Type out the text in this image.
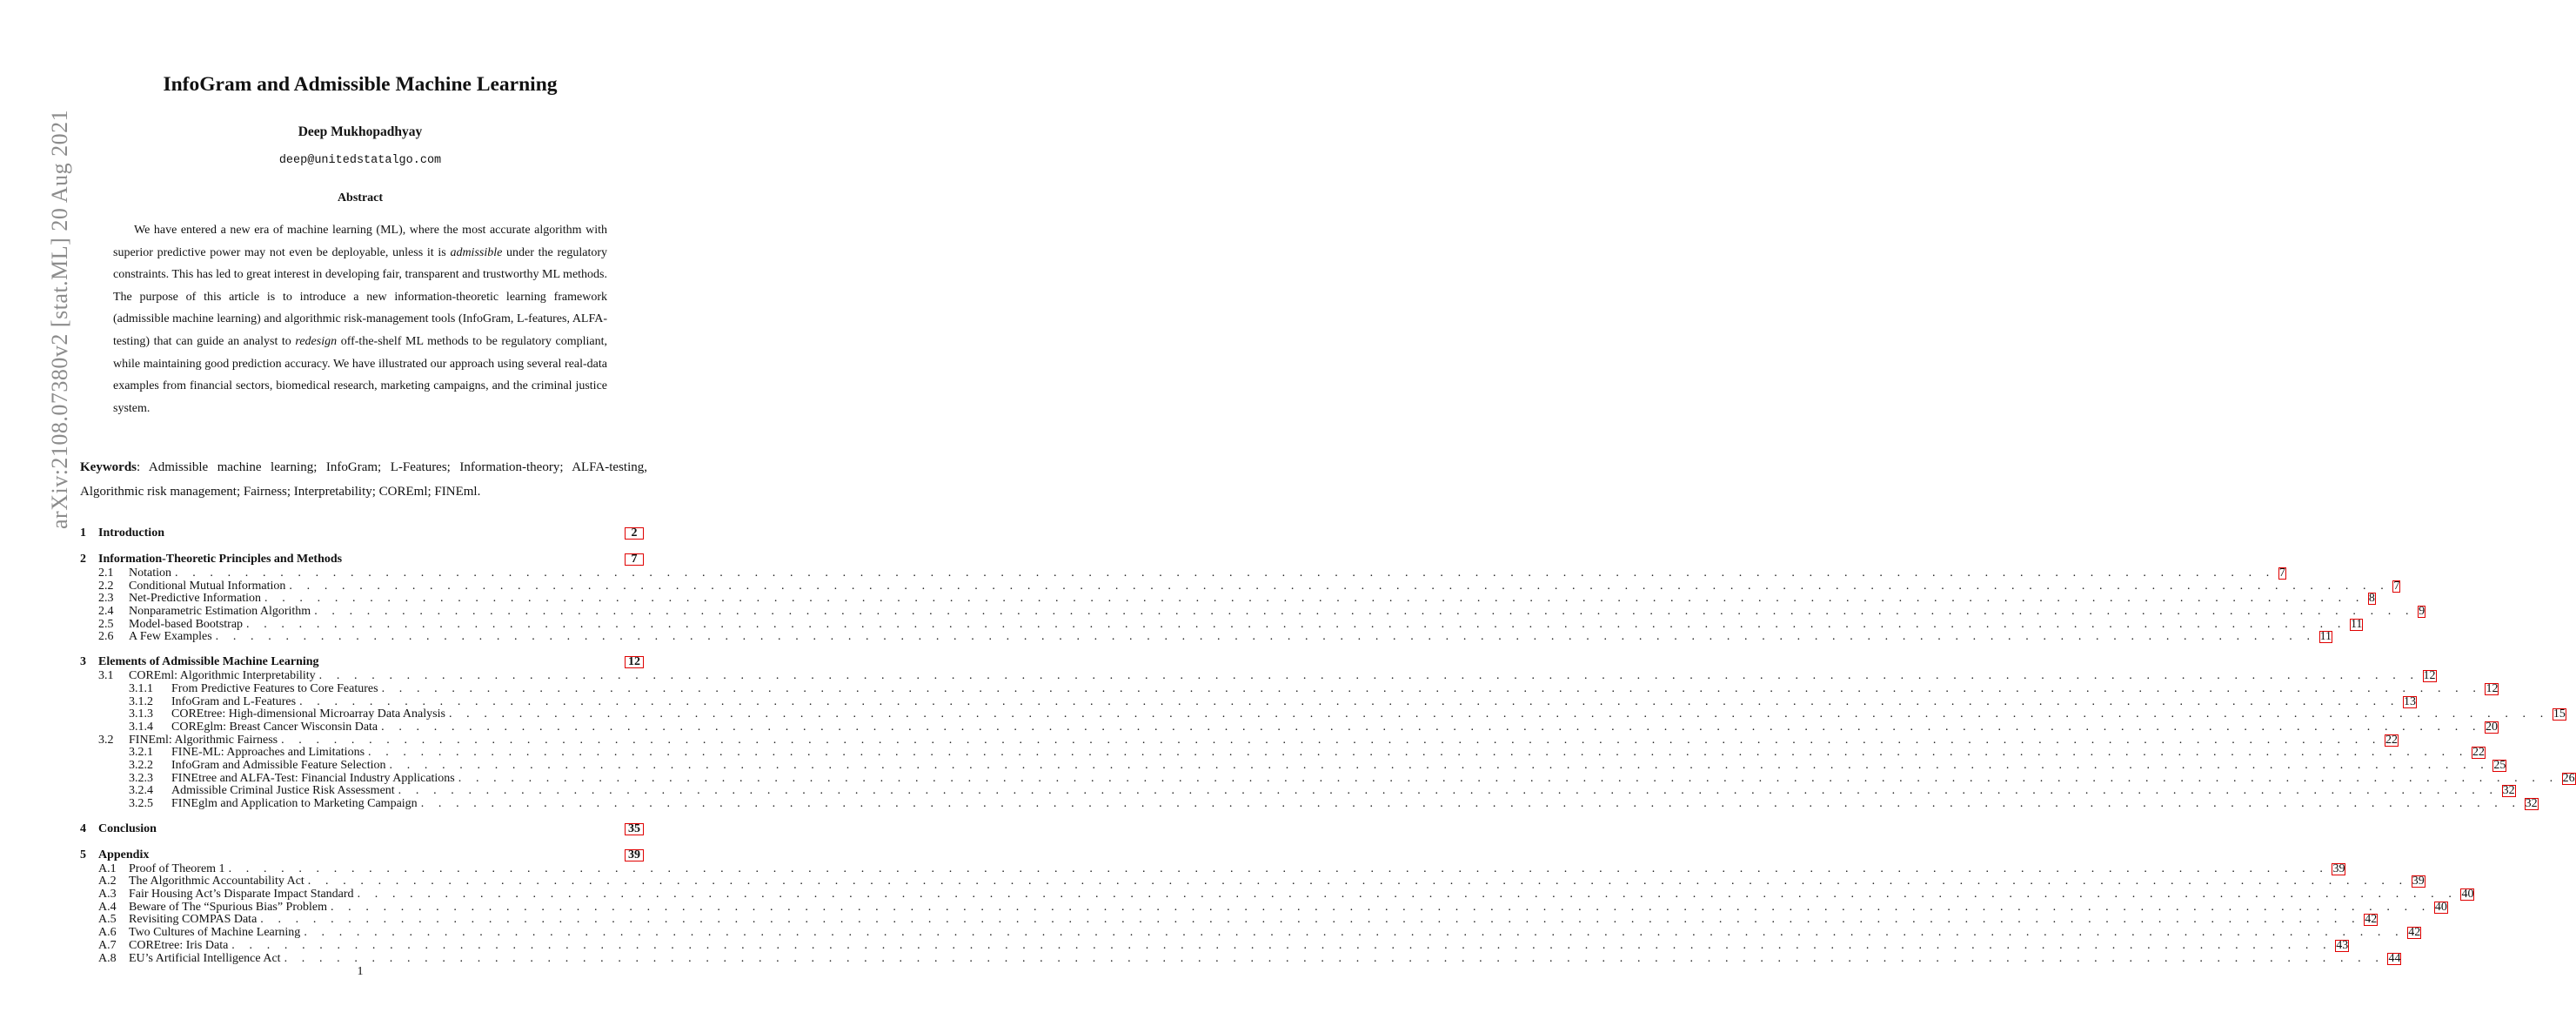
arXiv:2108.07380v2 [stat.ML] 20 Aug 2021
InfoGram and Admissible Machine Learning
Deep Mukhopadhyay
deep@unitedstatalgo.com
Abstract
We have entered a new era of machine learning (ML), where the most accurate algorithm with superior predictive power may not even be deployable, unless it is admissible under the regulatory constraints. This has led to great interest in developing fair, transparent and trustworthy ML methods. The purpose of this article is to introduce a new information-theoretic learning framework (admissible machine learning) and algorithmic risk-management tools (InfoGram, L-features, ALFA-testing) that can guide an analyst to redesign off-the-shelf ML methods to be regulatory compliant, while maintaining good prediction accuracy. We have illustrated our approach using several real-data examples from financial sectors, biomedical research, marketing campaigns, and the criminal justice system.
Keywords: Admissible machine learning; InfoGram; L-Features; Information-theory; ALFA-testing, Algorithmic risk management; Fairness; Interpretability; COREml; FINEml.
1	Introduction	2
2	Information-Theoretic Principles and Methods	7
2.1	Notation . . . . . . . . . . . . . . . . . . . . . . . . . . . . . . . . . . . . . . . . . . . . . . . . . . . . . . . . . . . . . . . . . . . . . . . . . . . . . . . . . . . . . . . . . . . . . . . . . . . . . . . . . . . . . . . . . . . . . . . . 7
2.2	Conditional Mutual Information . . . . . . . . . . . . . . . . . . . . . . . . . . . . . . . . . . . . . . . . . . . . . . . . . . . . . . . . . . . . . . . . . . . . . . . . . . . . . . . . . . . . . . . . . . . . . . . . . . . . . . . . . . . . . . . . . . . . . . . . 7
2.3	Net-Predictive Information . . . . . . . . . . . . . . . . . . . . . . . . . . . . . . . . . . . . . . . . . . . . . . . . . . . . . . . . . . . . . . . . . . . . . . . . . . . . . . . . . . . . . . . . . . . . . . . . . . . . . . . . . . . . . . . . . . . . . . . . 8
2.4	Nonparametric Estimation Algorithm . . . . . . . . . . . . . . . . . . . . . . . . . . . . . . . . . . . . . . . . . . . . . . . . . . . . . . . . . . . . . . . . . . . . . . . . . . . . . . . . . . . . . . . . . . . . . . . . . . . . . . . . . . . . . . . . . . . . . . . . 9
2.5	Model-based Bootstrap . . . . . . . . . . . . . . . . . . . . . . . . . . . . . . . . . . . . . . . . . . . . . . . . . . . . . . . . . . . . . . . . . . . . . . . . . . . . . . . . . . . . . . . . . . . . . . . . . . . . . . . . . . . . . . . . . . . . . . . . 11
2.6	A Few Examples . . . . . . . . . . . . . . . . . . . . . . . . . . . . . . . . . . . . . . . . . . . . . . . . . . . . . . . . . . . . . . . . . . . . . . . . . . . . . . . . . . . . . . . . . . . . . . . . . . . . . . . . . . . . . . . . . . . . . . . . 11
3	Elements of Admissible Machine Learning	12
3.1	COREml: Algorithmic Interpretability . . . . . . . . . . . . . . . . . . . . . . . . . . . . . . . . . . . . . . . . . . . . . . . . . . . . . . . . . . . . . . . . . . . . . . . . . . . . . . . . . . . . . . . . . . . . . . . . . . . . . . . . . . . . . . . . . . . . . . . . 12
3.1.1	From Predictive Features to Core Features . . . . . . . . . . . . . . . . . . . . . . . . . . . . . . . . . . . . . . . . . . . . . . . . . . . . . . . . . . . . . . . . . . . . . . . . . . . . . . . . . . . . . . . . . . . . . . . . . . . . . . . . . . . . . . . . . . . . . . . . 12
3.1.2	InfoGram and L-Features . . . . . . . . . . . . . . . . . . . . . . . . . . . . . . . . . . . . . . . . . . . . . . . . . . . . . . . . . . . . . . . . . . . . . . . . . . . . . . . . . . . . . . . . . . . . . . . . . . . . . . . . . . . . . . . . . . . . . . . . 13
3.1.3	COREtree: High-dimensional Microarray Data Analysis . . . . . . . . . . . . . . . . . . . . . . . . . . . . . . . . . . . . . . . . . . . . . . . . . . . . . . . . . . . . . . . . . . . . . . . . . . . . . . . . . . . . . . . . . . . . . . . . . . . . . . . . . . . . . . . . . . . . . . . . 15
3.1.4	COREglm: Breast Cancer Wisconsin Data . . . . . . . . . . . . . . . . . . . . . . . . . . . . . . . . . . . . . . . . . . . . . . . . . . . . . . . . . . . . . . . . . . . . . . . . . . . . . . . . . . . . . . . . . . . . . . . . . . . . . . . . . . . . . . . . . . . . . . . . 20
3.2	FINEml: Algorithmic Fairness . . . . . . . . . . . . . . . . . . . . . . . . . . . . . . . . . . . . . . . . . . . . . . . . . . . . . . . . . . . . . . . . . . . . . . . . . . . . . . . . . . . . . . . . . . . . . . . . . . . . . . . . . . . . . . . . . . . . . . . . 22
3.2.1	FINE-ML: Approaches and Limitations . . . . . . . . . . . . . . . . . . . . . . . . . . . . . . . . . . . . . . . . . . . . . . . . . . . . . . . . . . . . . . . . . . . . . . . . . . . . . . . . . . . . . . . . . . . . . . . . . . . . . . . . . . . . . . . . . . . . . . . . 22
3.2.2	InfoGram and Admissible Feature Selection . . . . . . . . . . . . . . . . . . . . . . . . . . . . . . . . . . . . . . . . . . . . . . . . . . . . . . . . . . . . . . . . . . . . . . . . . . . . . . . . . . . . . . . . . . . . . . . . . . . . . . . . . . . . . . . . . . . . . . . . 25
3.2.3	FINEtree and ALFA-Test: Financial Industry Applications . . . . . . . . . . . . . . . . . . . . . . . . . . . . . . . . . . . . . . . . . . . . . . . . . . . . . . . . . . . . . . . . . . . . . . . . . . . . . . . . . . . . . . . . . . . . . . . . . . . . . . . . . . . . . . . . . . . . . . . . 26
3.2.4	Admissible Criminal Justice Risk Assessment . . . . . . . . . . . . . . . . . . . . . . . . . . . . . . . . . . . . . . . . . . . . . . . . . . . . . . . . . . . . . . . . . . . . . . . . . . . . . . . . . . . . . . . . . . . . . . . . . . . . . . . . . . . . . . . . . . . . . . . . 32
3.2.5	FINEglm and Application to Marketing Campaign . . . . . . . . . . . . . . . . . . . . . . . . . . . . . . . . . . . . . . . . . . . . . . . . . . . . . . . . . . . . . . . . . . . . . . . . . . . . . . . . . . . . . . . . . . . . . . . . . . . . . . . . . . . . . . . . . . . . . . . . 32
4	Conclusion	35
5	Appendix	39
A.1	Proof of Theorem 1 . . . . . . . . . . . . . . . . . . . . . . . . . . . . . . . . . . . . . . . . . . . . . . . . . . . . . . . . . . . . . . . . . . . . . . . . . . . . . . . . . . . . . . . . . . . . . . . . . . . . . . . . . . . . . . . . . . . . . . . . 39
A.2	The Algorithmic Accountability Act . . . . . . . . . . . . . . . . . . . . . . . . . . . . . . . . . . . . . . . . . . . . . . . . . . . . . . . . . . . . . . . . . . . . . . . . . . . . . . . . . . . . . . . . . . . . . . . . . . . . . . . . . . . . . . . . . . . . . . . . 39
A.3	Fair Housing Act’s Disparate Impact Standard . . . . . . . . . . . . . . . . . . . . . . . . . . . . . . . . . . . . . . . . . . . . . . . . . . . . . . . . . . . . . . . . . . . . . . . . . . . . . . . . . . . . . . . . . . . . . . . . . . . . . . . . . . . . . . . . . . . . . . . . 40
A.4	Beware of The “Spurious Bias” Problem . . . . . . . . . . . . . . . . . . . . . . . . . . . . . . . . . . . . . . . . . . . . . . . . . . . . . . . . . . . . . . . . . . . . . . . . . . . . . . . . . . . . . . . . . . . . . . . . . . . . . . . . . . . . . . . . . . . . . . . . 40
A.5	Revisiting COMPAS Data . . . . . . . . . . . . . . . . . . . . . . . . . . . . . . . . . . . . . . . . . . . . . . . . . . . . . . . . . . . . . . . . . . . . . . . . . . . . . . . . . . . . . . . . . . . . . . . . . . . . . . . . . . . . . . . . . . . . . . . . 42
A.6	Two Cultures of Machine Learning . . . . . . . . . . . . . . . . . . . . . . . . . . . . . . . . . . . . . . . . . . . . . . . . . . . . . . . . . . . . . . . . . . . . . . . . . . . . . . . . . . . . . . . . . . . . . . . . . . . . . . . . . . . . . . . . . . . . . . . . 42
A.7	COREtree: Iris Data . . . . . . . . . . . . . . . . . . . . . . . . . . . . . . . . . . . . . . . . . . . . . . . . . . . . . . . . . . . . . . . . . . . . . . . . . . . . . . . . . . . . . . . . . . . . . . . . . . . . . . . . . . . . . . . . . . . . . . . . 43
A.8	EU’s Artificial Intelligence Act . . . . . . . . . . . . . . . . . . . . . . . . . . . . . . . . . . . . . . . . . . . . . . . . . . . . . . . . . . . . . . . . . . . . . . . . . . . . . . . . . . . . . . . . . . . . . . . . . . . . . . . . . . . . . . . . . . . . . . . . 44
1
